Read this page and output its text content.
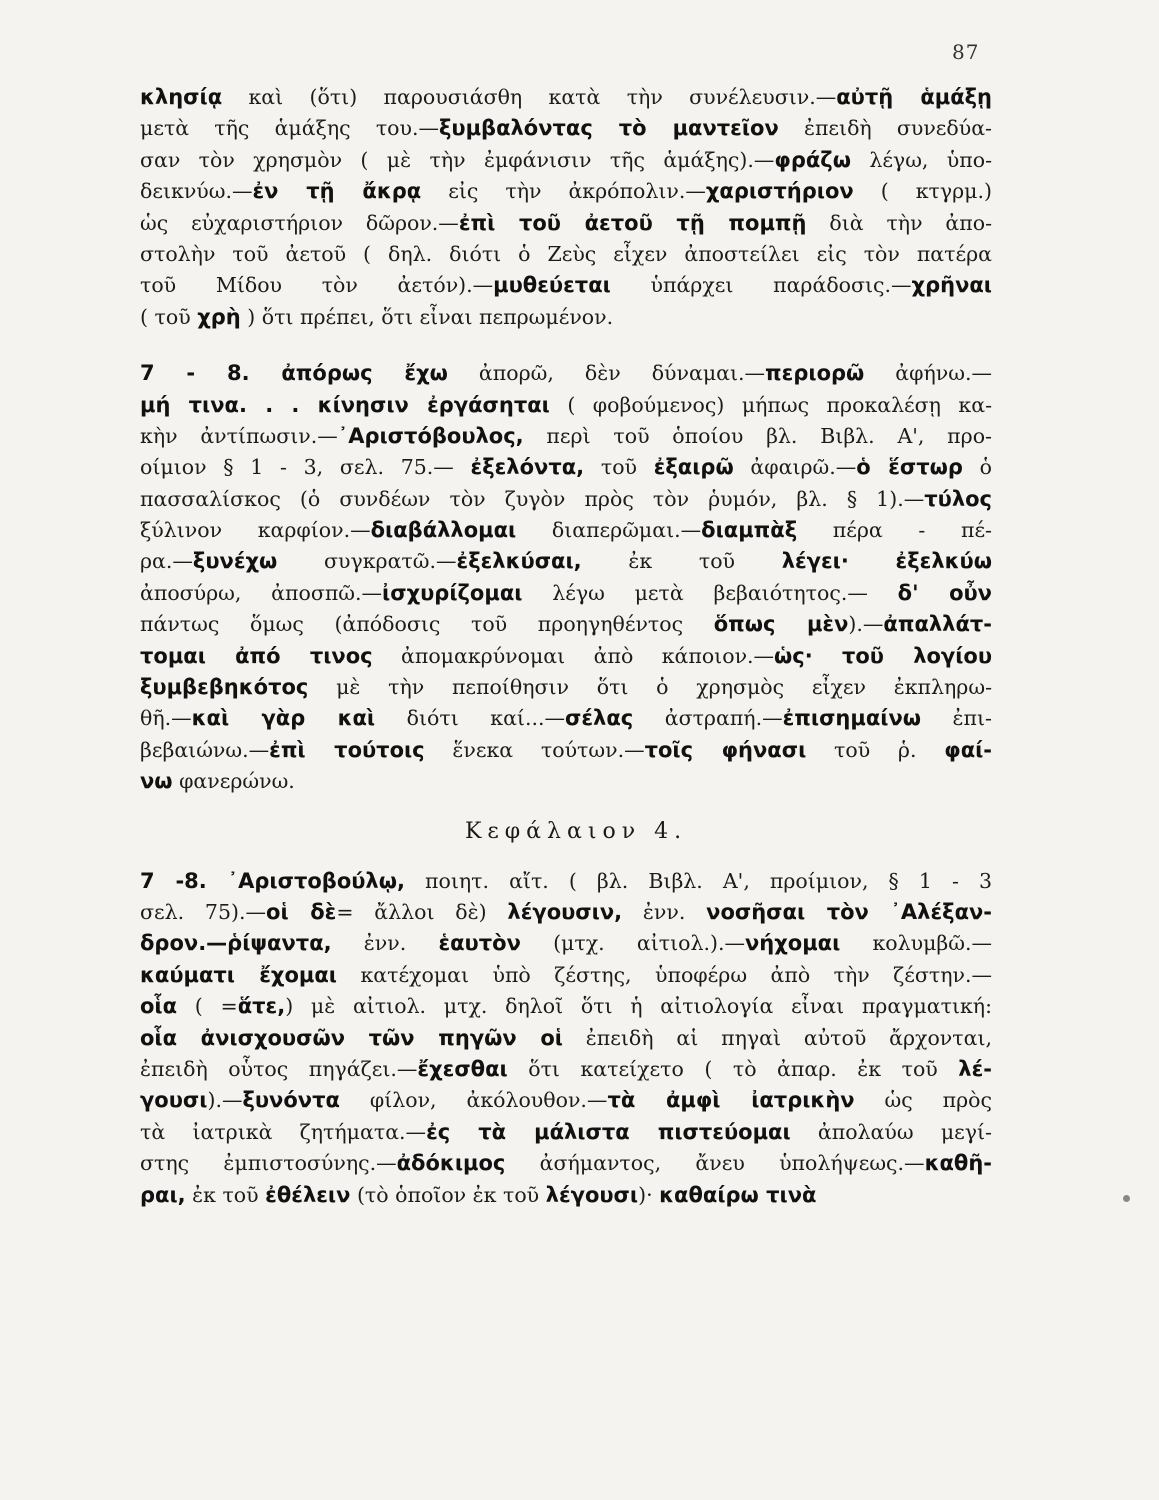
87
κλησίᾳ καὶ (ὅτι) παρουσιάσθη κατὰ τὴν συνέλευσιν.—αὐτῇ ἁμάξῃ
μετὰ τῆς ἁμάξης του.—ξυμβαλόντας τὸ μαντεῖον ἐπειδὴ συνεδύα-
σαν τὸν χρησμὸν ( μὲ τὴν ἐμφάνισιν τῆς ἁμάξης).—φράζω λέγω, ὑπο-
δεικνύω.—ἐν τῇ ἄκρᾳ εἰς τὴν ἀκρόπολιν.—χαριστήριον ( κτγρμ.)
ὡς εὐχαριστήριον δῶρον.—ἐπὶ τοῦ ἀετοῦ τῇ πομπῇ διὰ τὴν ἀπο-
στολὴν τοῦ ἀετοῦ ( δηλ. διότι ὁ Ζεὺς εἶχεν ἀποστείλει εἰς τὸν πατέρα
τοῦ Μίδου τὸν ἀετόν).—μυθεύεται ὑπάρχει παράδοσις.—χρῆναι
( τοῦ χρὴ ) ὅτι πρέπει, ὅτι εἶναι πεπρωμένον.
7 - 8. ἀπόρως ἔχω ἀπορῶ, δὲν δύναμαι.—περιορῶ ἀφήνω.—
μή τινα. . . κίνησιν ἐργάσηται ( φοβούμενος) μήπως προκαλέσῃ κα-
κὴν ἀντίπωσιν.—᾿Αριστόβουλος, περὶ τοῦ ὁποίου βλ. Βιβλ. Α', προ-
οίμιον § 1 - 3, σελ. 75.— ἐξελόντα, τοῦ ἐξαιρῶ ἀφαιρῶ.—ὁ ἕστωρ ὁ
πασσαλίσκος (ὁ συνδέων τὸν ζυγὸν πρὸς τὸν ῥυμόν, βλ. § 1).—τύλος
ξύλινον καρφίον.—διαβάλλομαι διαπερῶμαι.—διαμπὰξ πέρα - πέ-
ρα.—ξυνέχω συγκρατῶ.—ἐξελκύσαι, ἐκ τοῦ λέγει· ἐξελκύω
ἀποσύρω, ἀποσπῶ.—ἰσχυρίζομαι λέγω μετὰ βεβαιότητος.— δ' οὖν
πάντως ὅμως (ἀπόδοσις τοῦ προηγηθέντος ὅπως μὲν).—ἀπαλλάτ-
τομαι ἀπό τινος ἀπομακρύνομαι ἀπὸ κάποιον.—ὡς· τοῦ λογίου
ξυμβεβηκότος μὲ τὴν πεποίθησιν ὅτι ὁ χρησμὸς εἶχεν ἐκπληρω-
θῆ.—καὶ γὰρ καὶ διότι καί...—σέλας ἀστραπή.—ἐπισημαίνω ἐπι-
βεβαιώνω.—ἐπὶ τούτοις ἕνεκα τούτων.—τοῖς φήνασι τοῦ ῥ. φαί-
νω φανερώνω.
Κεφάλαιον 4.
7 -8. ᾿Αριστοβούλῳ, ποιητ. αἴτ. ( βλ. Βιβλ. Α', προίμιον, § 1 - 3
σελ. 75).—οἱ δὲ= ἄλλοι δὲ) λέγουσιν, ἐνν. νοσῆσαι τὸν ᾿Αλέξαν-
δρον.—ῥίψαντα, ἐνν. ἑαυτὸν (μτχ. αἰτιολ.).—νήχομαι κολυμβῶ.—
καύματι ἔχομαι κατέχομαι ὑπὸ ζέστης, ὑποφέρω ἀπὸ τὴν ζέστην.—
οἷα ( =ἅτε,) μὲ αἰτιολ. μτχ. δηλοῖ ὅτι ἡ αἰτιολογία εἶναι πραγματική:
οἷα ἀνισχουσῶν τῶν πηγῶν οἱ ἐπειδὴ αἱ πηγαὶ αὐτοῦ ἄρχονται,
ἐπειδὴ οὗτος πηγάζει.—ἔχεσθαι ὅτι κατείχετο ( τὸ ἀπαρ. ἐκ τοῦ λέ-
γουσι).—ξυνόντα φίλον, ἀκόλουθον.—τὰ ἀμφὶ ἰατρικὴν ὡς πρὸς
τὰ ἰατρικὰ ζητήματα.—ἐς τὰ μάλιστα πιστεύομαι ἀπολαύω μεγί-
στης ἐμπιστοσύνης.—ἀδόκιμος ἀσήμαντος, ἄνευ ὑπολήψεως.—καθῆ-
ραι, ἐκ τοῦ ἐθέλειν (τὸ ὁποῖον ἐκ τοῦ λέγουσι)· καθαίρω τινὰ
